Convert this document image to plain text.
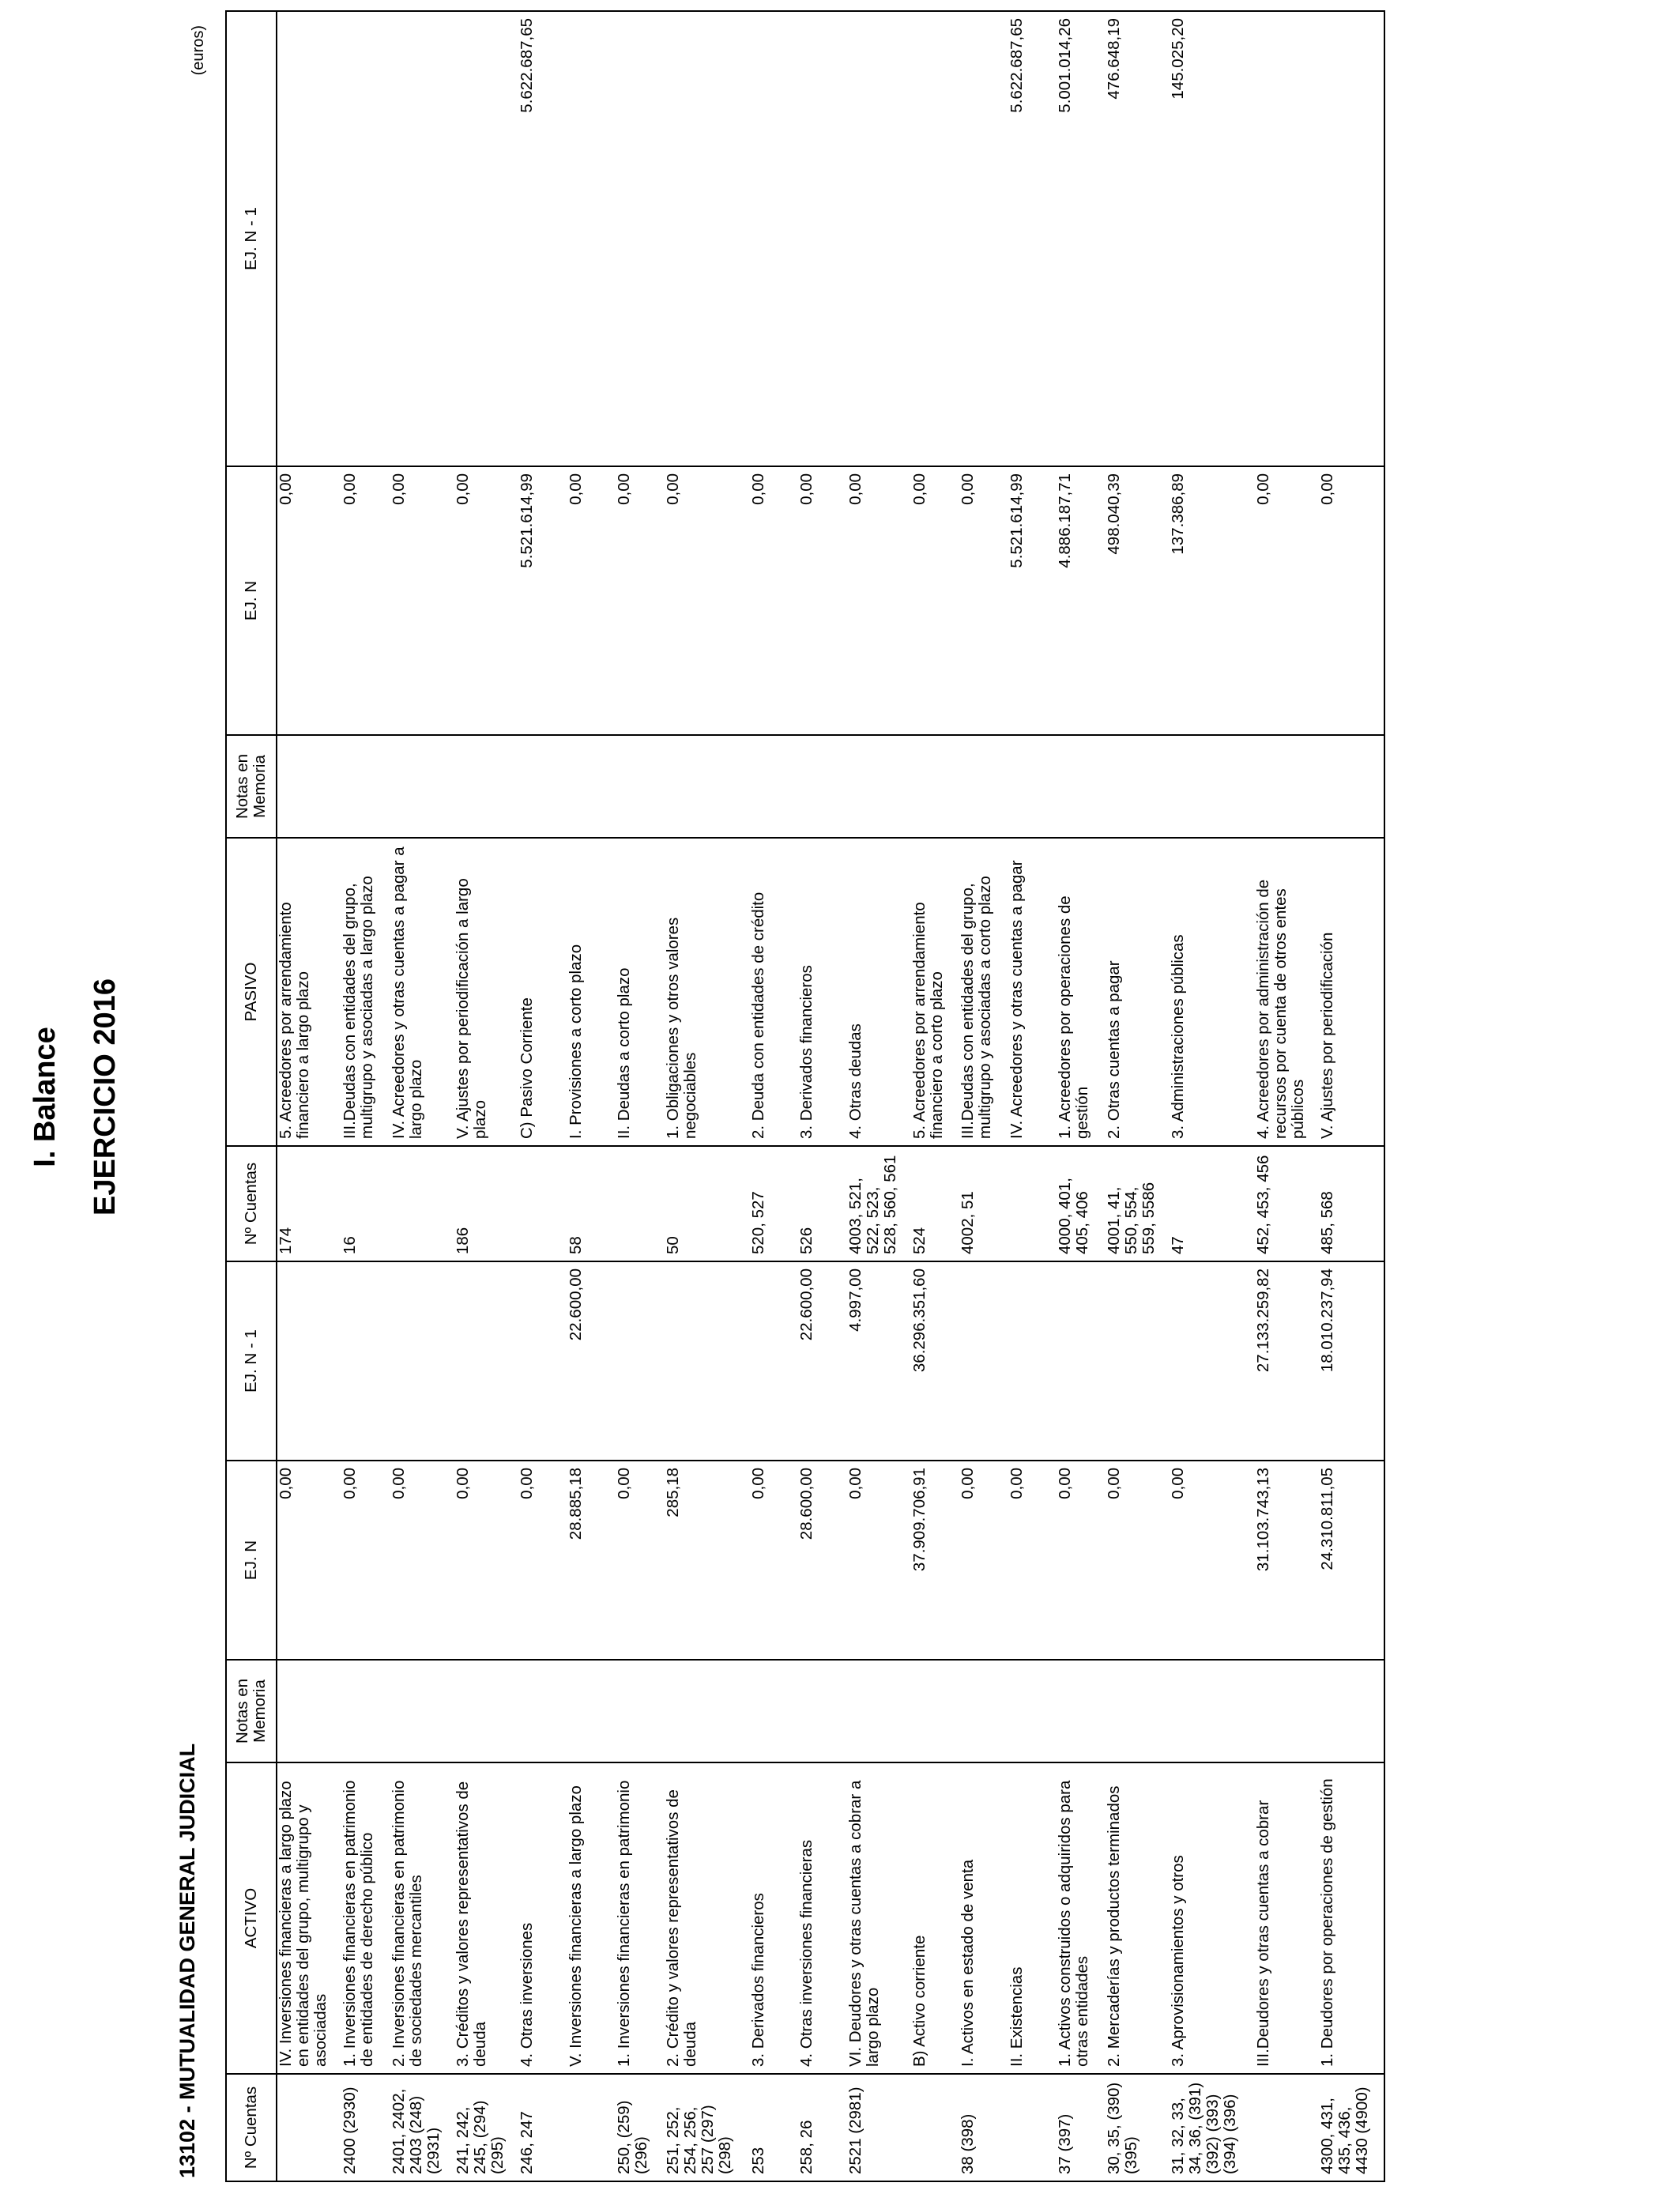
I. Balance EJERCICIO 2016
13102 - MUTUALIDAD GENERAL JUDICIAL
(euros)
Nº Cuentas	ACTIVO	Notas en Memoria	EJ. N	EJ. N - 1	Nº Cuentas	PASIVO	Notas en Memoria	EJ. N	EJ. N - 1
	IV. Inversiones financieras a largo plazo en entidades del grupo, multigrupo y asociadas		0,00		174	5. Acreedores por arrendamiento financiero a largo plazo		0,00	
2400 (2930)	1. Inversiones financieras en patrimonio de entidades de derecho público		0,00		16	III.Deudas con entidades del grupo, multigrupo y asociadas a largo plazo		0,00	
2401, 2402, 2403 (248) (2931)	2. Inversiones financieras en patrimonio de sociedades mercantiles		0,00			IV. Acreedores y otras cuentas a pagar a largo plazo		0,00	
241, 242, 245, (294) (295)	3. Créditos y valores representativos de deuda		0,00		186	V. Ajustes por periodificación a largo plazo		0,00	
246, 247	4. Otras inversiones		0,00			C) Pasivo Corriente		5.521.614,99	5.622.687,65
	V. Inversiones financieras a largo plazo		28.885,18	22.600,00	58	I. Provisiones a corto plazo		0,00	
250, (259) (296)	1. Inversiones financieras en patrimonio		0,00			II. Deudas a corto plazo		0,00	
251, 252, 254, 256, 257 (297) (298)	2. Crédito y valores representativos de deuda		285,18		50	1. Obligaciones y otros valores negociables		0,00	
253	3. Derivados financieros		0,00		520, 527	2. Deuda con entidades de crédito		0,00	
258, 26	4. Otras inversiones financieras		28.600,00	22.600,00	526	3. Derivados financieros		0,00	
2521 (2981)	VI. Deudores y otras cuentas a cobrar a largo plazo		0,00	4.997,00	4003, 521, 522, 523, 528, 560, 561	4. Otras deudas		0,00	
	B) Activo corriente		37.909.706,91	36.296.351,60	524	5. Acreedores por arrendamiento financiero a corto plazo		0,00	
38 (398)	I. Activos en estado de venta		0,00		4002, 51	III.Deudas con entidades del grupo, multigrupo y asociadas a corto plazo		0,00	
	II. Existencias		0,00			IV. Acreedores y otras cuentas a pagar		5.521.614,99	5.622.687,65
37 (397)	1. Activos construidos o adquiridos para otras entidades		0,00		4000, 401, 405, 406	1. Acreedores por operaciones de gestión		4.886.187,71	5.001.014,26
30, 35, (390) (395)	2. Mercaderías y productos terminados		0,00		4001, 41, 550, 554, 559, 5586	2. Otras cuentas a pagar		498.040,39	476.648,19
31, 32, 33, 34, 36, (391) (392) (393) (394) (396)	3. Aprovisionamientos y otros		0,00		47	3. Administraciones públicas		137.386,89	145.025,20
	III.Deudores y otras cuentas a cobrar		31.103.743,13	27.133.259,82	452, 453, 456	4. Acreedores por administración de recursos por cuenta de otros entes públicos		0,00	
4300, 431, 435, 436, 4430 (4900)	1. Deudores por operaciones de gestión		24.310.811,05	18.010.237,94	485, 568	V. Ajustes por periodificación		0,00	
